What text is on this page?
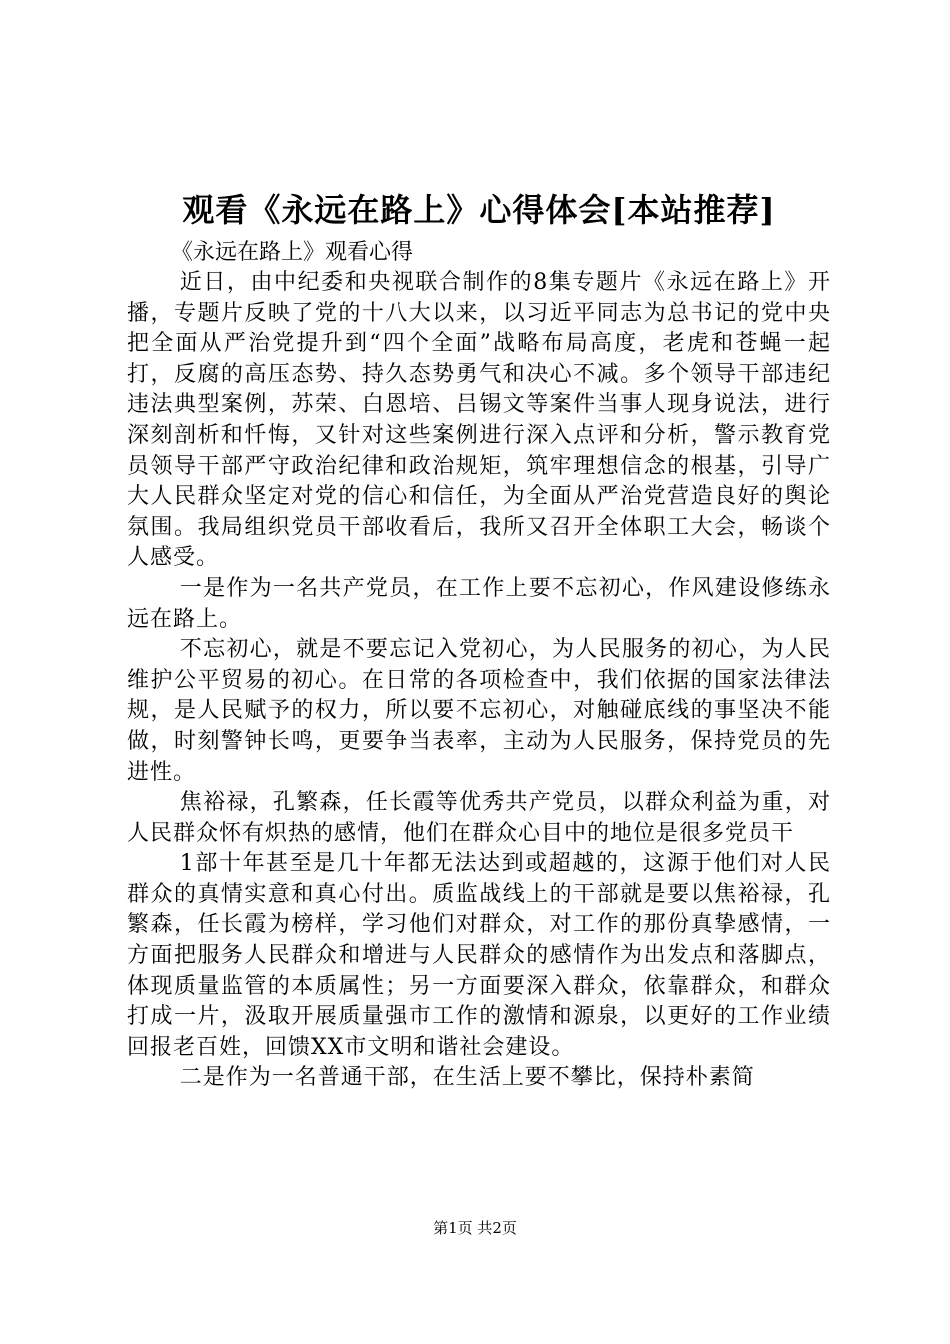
观看《永远在路上》心得体会[本站推荐]

《永远在路上》观看心得

近日，由中纪委和央视联合制作的8集专题片《永远在路上》开播，专题片反映了党的十八大以来，以习近平同志为总书记的党中央把全面从严治党提升到“四个全面”战略布局高度，老虎和苍蝇一起打，反腐的高压态势、持久态势勇气和决心不减。多个领导干部违纪违法典型案例，苏荣、白恩培、吕锡文等案件当事人现身说法，进行深刻剖析和忏悔，又针对这些案例进行深入点评和分析，警示教育党员领导干部严守政治纪律和政治规矩，筑牢理想信念的根基，引导广大人民群众坚定对党的信心和信任，为全面从严治党营造良好的舆论氛围。我局组织党员干部收看后，我所又召开全体职工大会，畅谈个人感受。

一是作为一名共产党员，在工作上要不忘初心，作风建设修练永远在路上。

不忘初心，就是不要忘记入党初心，为人民服务的初心，为人民维护公平贸易的初心。在日常的各项检查中，我们依据的国家法律法规，是人民赋予的权力，所以要不忘初心，对触碰底线的事坚决不能做，时刻警钟长鸣，更要争当表率，主动为人民服务，保持党员的先进性。

焦裕禄，孔繁森，任长霞等优秀共产党员，以群众利益为重，对人民群众怀有炽热的感情，他们在群众心目中的地位是很多党员干

1部十年甚至是几十年都无法达到或超越的，这源于他们对人民群众的真情实意和真心付出。质监战线上的干部就是要以焦裕禄，孔繁森，任长霞为榜样，学习他们对群众，对工作的那份真挚感情，一方面把服务人民群众和增进与人民群众的感情作为出发点和落脚点，体现质量监管的本质属性；另一方面要深入群众，依靠群众，和群众打成一片，汲取开展质量强市工作的激情和源泉，以更好的工作业绩回报老百姓，回馈XX市文明和谐社会建设。

二是作为一名普通干部，在生活上要不攀比，保持朴素简

第1页 共2页
